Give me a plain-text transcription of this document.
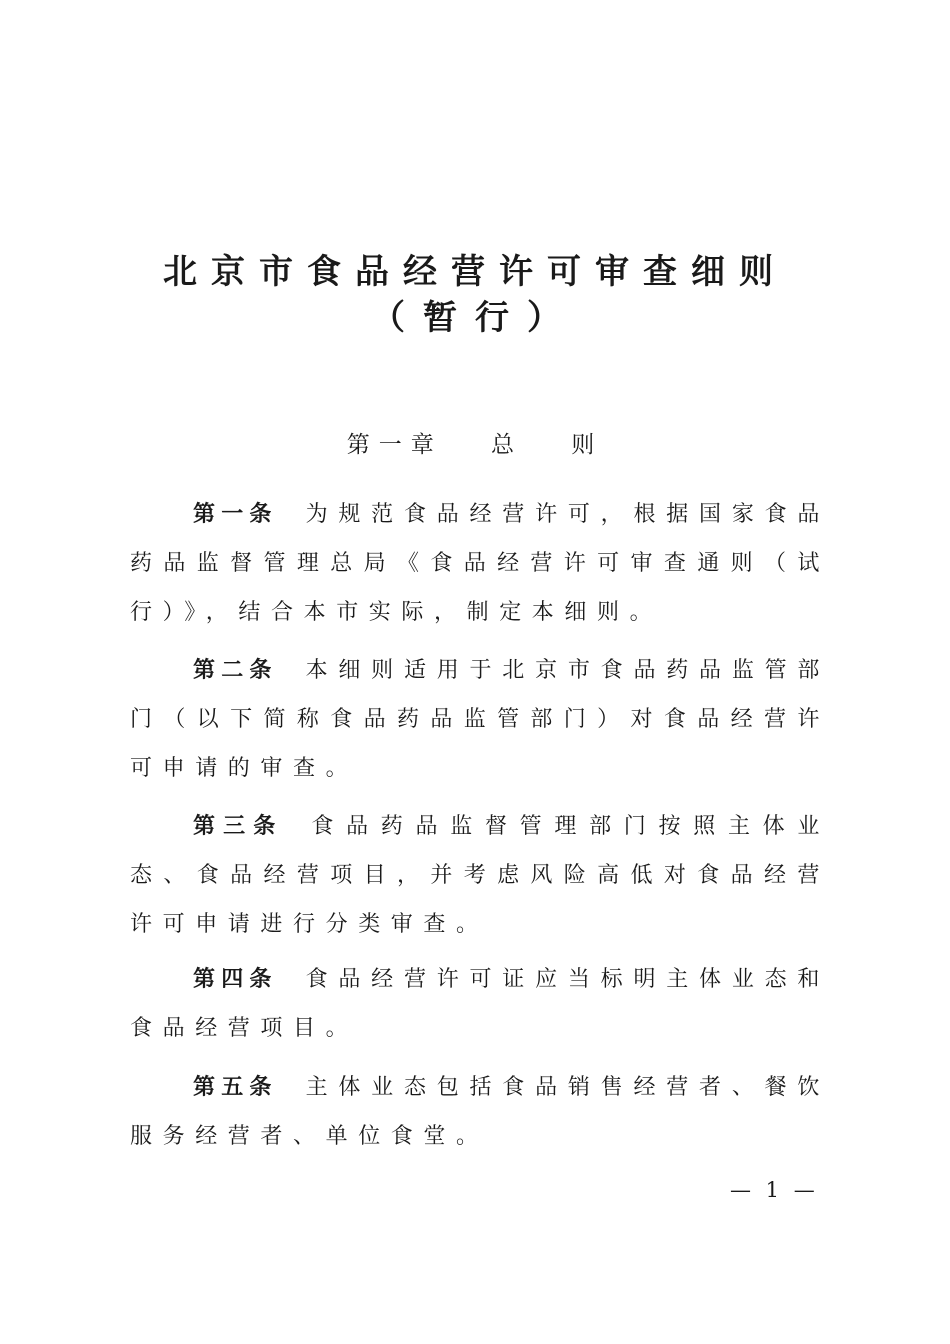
北京市食品经营许可审查细则
（暂行）
第一章　 总　 则

第一条 为规范食品经营许可，根据国家食品药品监督管理总局《食品经营许可审查通则（试行）》，结合本市实际，制定本细则。

第二条 本细则适用于北京市食品药品监管部门（以下简称食品药品监管部门）对食品经营许可申请的审查。

第三条 食品药品监督管理部门按照主体业态、食品经营项目，并考虑风险高低对食品经营许可申请进行分类审查。

第四条 食品经营许可证应当标明主体业态和食品经营项目。

第五条 主体业态包括食品销售经营者、餐饮服务经营者、单位食堂。

— 1 —
